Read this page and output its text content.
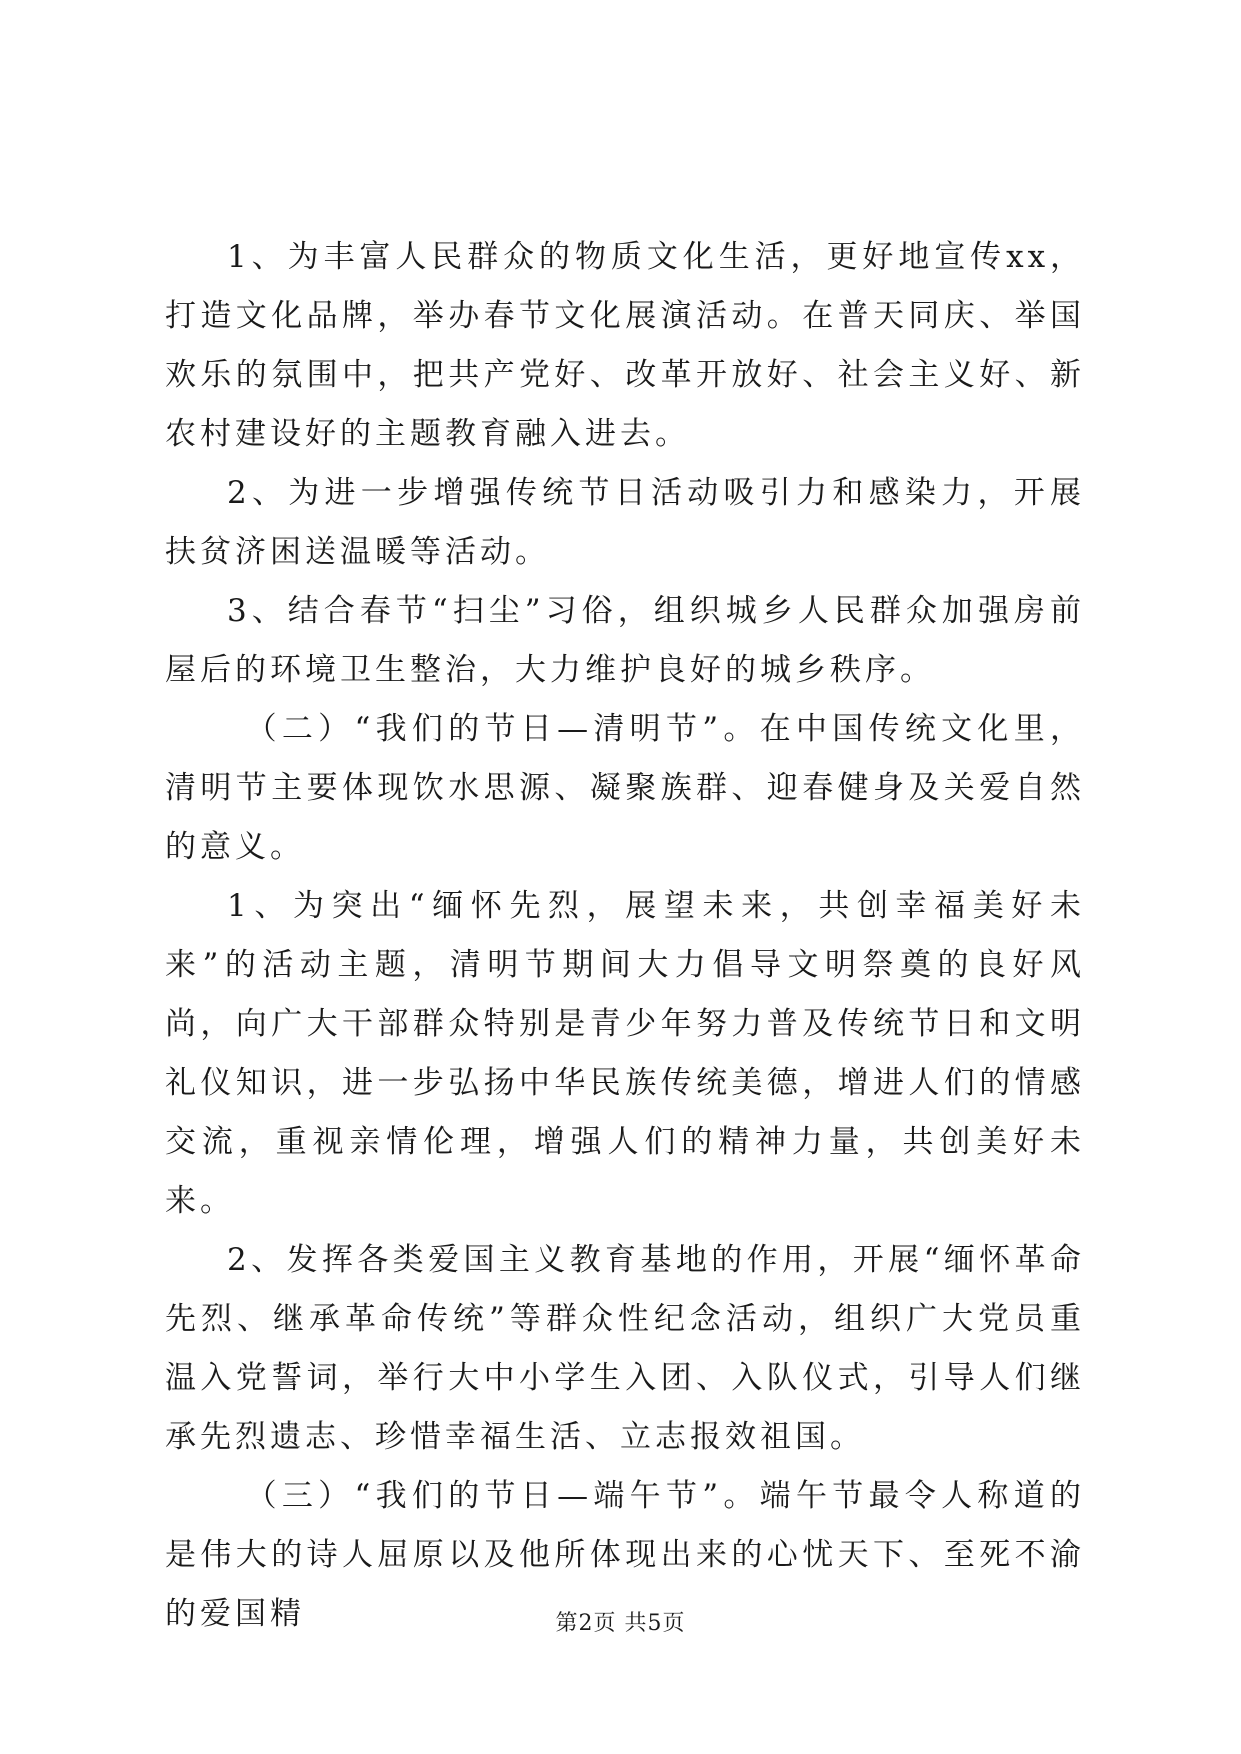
1、为丰富人民群众的物质文化生活，更好地宣传xx，打造文化品牌，举办春节文化展演活动。在普天同庆、举国欢乐的氛围中，把共产党好、改革开放好、社会主义好、新农村建设好的主题教育融入进去。

2、为进一步增强传统节日活动吸引力和感染力，开展扶贫济困送温暖等活动。

3、结合春节“扫尘”习俗，组织城乡人民群众加强房前屋后的环境卫生整治，大力维护良好的城乡秩序。

（二）“我们的节日—清明节”。在中国传统文化里，清明节主要体现饮水思源、凝聚族群、迎春健身及关爱自然的意义。

1、为突出“缅怀先烈，展望未来，共创幸福美好未来”的活动主题，清明节期间大力倡导文明祭奠的良好风尚，向广大干部群众特别是青少年努力普及传统节日和文明礼仪知识，进一步弘扬中华民族传统美德，增进人们的情感交流，重视亲情伦理，增强人们的精神力量，共创美好未来。

2、发挥各类爱国主义教育基地的作用，开展“缅怀革命先烈、继承革命传统”等群众性纪念活动，组织广大党员重温入党誓词，举行大中小学生入团、入队仪式，引导人们继承先烈遗志、珍惜幸福生活、立志报效祖国。

（三）“我们的节日—端午节”。端午节最令人称道的是伟大的诗人屈原以及他所体现出来的心忧天下、至死不渝的爱国精	第2页 共5页
